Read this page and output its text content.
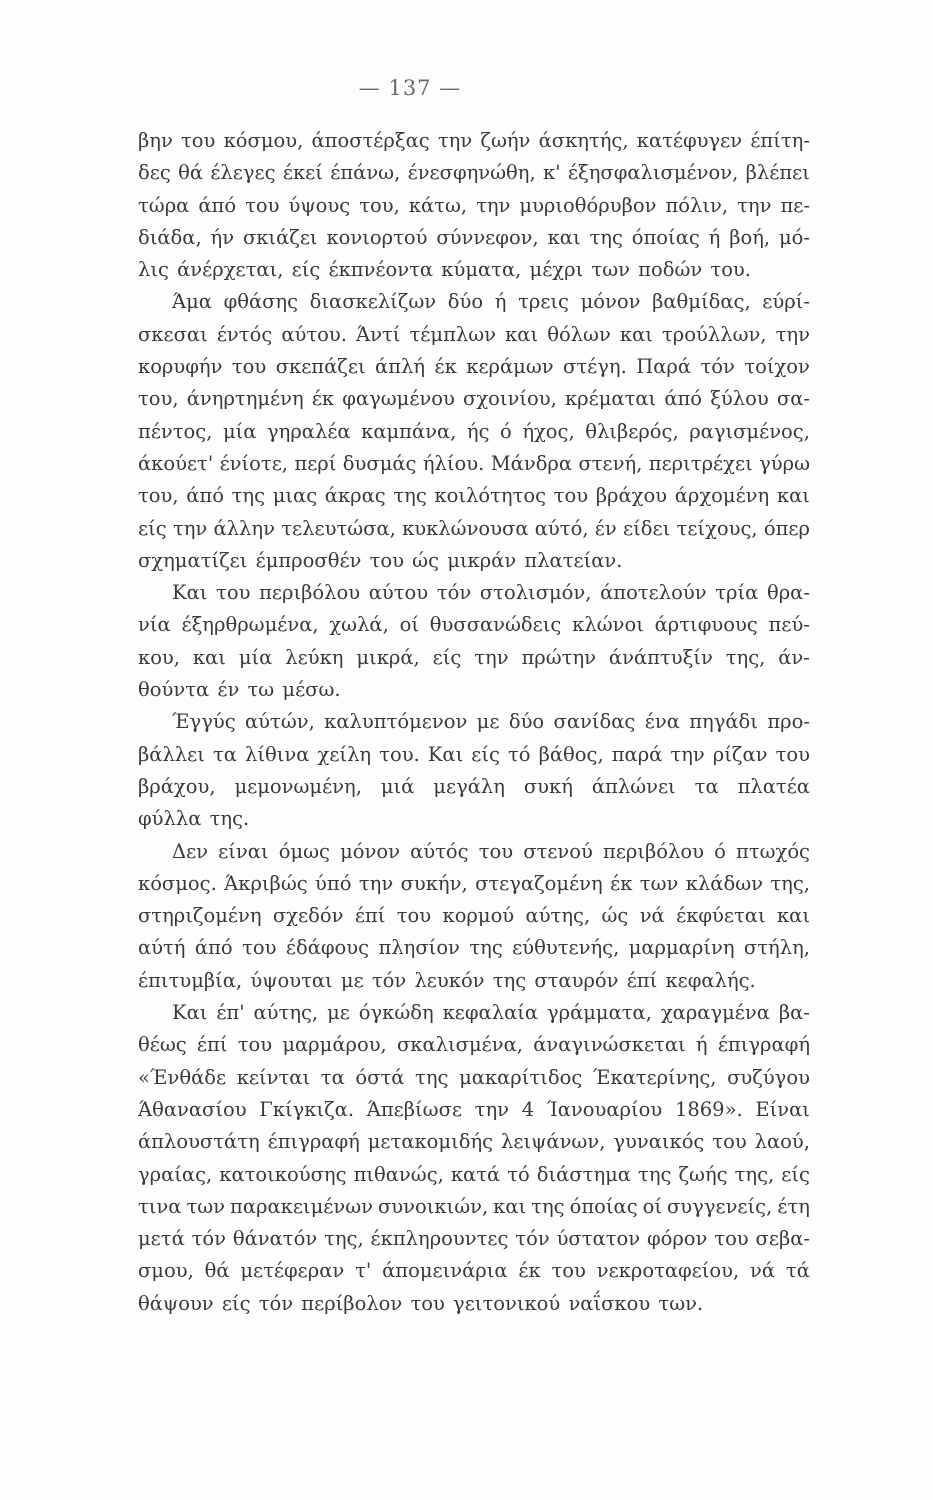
— 137 —
βην του κόσμου, άποστέρξας την ζωήν άσκητής, κατέφυγεν έπίτη-
δες θά έλεγες έκεί έπάνω, ένεσφηνώθη, κ' έξησφαλισμένον, βλέπει
τώρα άπό του ύψους του, κάτω, την μυριοθόρυβον πόλιν, την πε-
διάδα, ήν σκιάζει κονιορτού σύννεφον, και της όποίας ή βοή, μό-
λις άνέρχεται, είς έκπνέοντα κύματα, μέχρι των ποδών του.
Άμα φθάσης διασκελίζων δύο ή τρεις μόνον βαθμίδας, εύρί-
σκεσαι έντός αύτου. Άντί τέμπλων και θόλων και τρούλλων, την
κορυφήν του σκεπάζει άπλή έκ κεράμων στέγη. Παρά τόν τοίχον
του, άνηρτημένη έκ φαγωμένου σχοινίου, κρέμαται άπό ξύλου σα-
πέντος, μία γηραλέα καμπάνα, ής ό ήχος, θλιβερός, ραγισμένος,
άκούετ' ένίοτε, περί δυσμάς ήλίου. Μάνδρα στενή, περιτρέχει γύρω
του, άπό της μιας άκρας της κοιλότητος του βράχου άρχομένη και
είς την άλλην τελευτώσα, κυκλώνουσα αύτό, έν είδει τείχους, όπερ
σχηματίζει έμπροσθέν του ώς μικράν πλατείαν.
Και του περιβόλου αύτου τόν στολισμόν, άποτελούν τρία θρα-
νία έξηρθρωμένα, χωλά, οί θυσσανώδεις κλώνοι άρτιφυους πεύ-
κου, και μία λεύκη μικρά, είς την πρώτην άνάπτυξίν της, άν-
θούντα έν τω μέσω.
Έγγύς αύτών, καλυπτόμενον με δύο σανίδας ένα πηγάδι προ-
βάλλει τα λίθινα χείλη του. Και είς τό βάθος, παρά την ρίζαν του
βράχου, μεμονωμένη, μιά μεγάλη συκή άπλώνει τα πλατέα
φύλλα της.
Δεν είναι όμως μόνον αύτός του στενού περιβόλου ό πτωχός
κόσμος. Άκριβώς ύπό την συκήν, στεγαζομένη έκ των κλάδων της,
στηριζομένη σχεδόν έπί του κορμού αύτης, ώς νά έκφύεται και
αύτή άπό του έδάφους πλησίον της εύθυτενής, μαρμαρίνη στήλη,
έπιτυμβία, ύψουται με τόν λευκόν της σταυρόν έπί κεφαλής.
Και έπ' αύτης, με όγκώδη κεφαλαία γράμματα, χαραγμένα βα-
θέως έπί του μαρμάρου, σκαλισμένα, άναγινώσκεται ή έπιγραφή
«Ένθάδε κείνται τα όστά της μακαρίτιδος Έκατερίνης, συζύγου
Άθανασίου Γκίγκιζα. Άπεβίωσε την 4 Ίανουαρίου 1869». Είναι
άπλουστάτη έπιγραφή μετακομιδής λειψάνων, γυναικός του λαού,
γραίας, κατοικούσης πιθανώς, κατά τό διάστημα της ζωής της, είς
τινα των παρακειμένων συνοικιών, και της όποίας οί συγγενείς, έτη
μετά τόν θάνατόν της, έκπληρουντες τόν ύστατον φόρον του σεβα-
σμου, θά μετέφεραν τ' άπομεινάρια έκ του νεκροταφείου, νά τά
θάψουν είς τόν περίβολον του γειτονικού ναΐσκου των.
